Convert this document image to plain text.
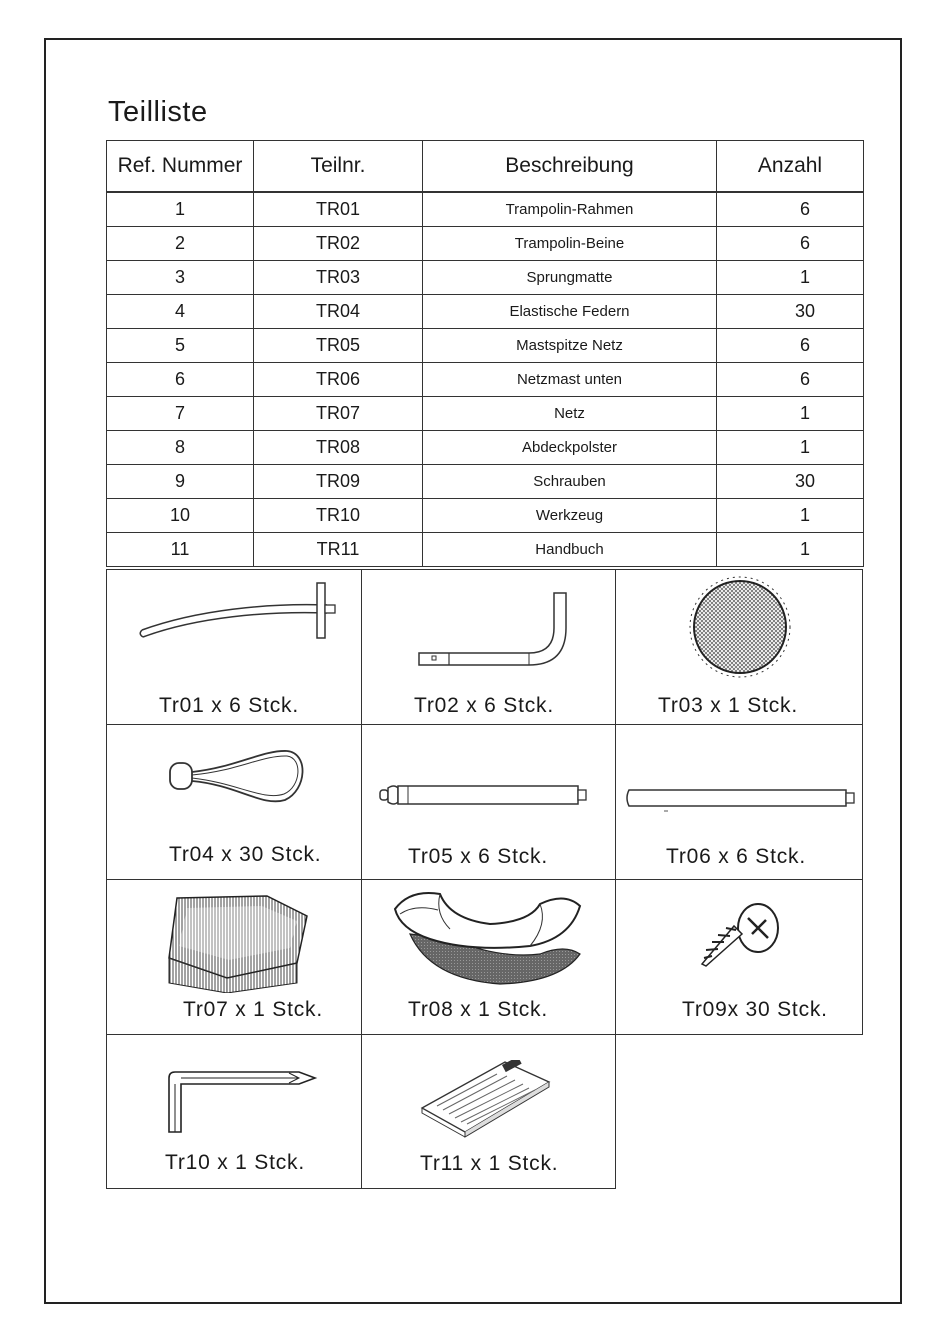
Teilliste
Ref. Nummer	Teilnr.	Beschreibung	Anzahl
1	TR01	Trampolin-Rahmen	6
2	TR02	Trampolin-Beine	6
3	TR03	Sprungmatte	1
4	TR04	Elastische Federn	30
5	TR05	Mastspitze Netz	6
6	TR06	Netzmast unten	6
7	TR07	Netz	1
8	TR08	Abdeckpolster	1
9	TR09	Schrauben	30
10	TR10	Werkzeug	1
11	TR11	Handbuch	1
Tr01 x 6 Stck.	Tr02 x 6 Stck.	Tr03 x 1 Stck.
Tr04 x 30 Stck.	Tr05 x 6 Stck.	Tr06 x 6 Stck.
Tr07 x 1 Stck.	Tr08 x 1 Stck.	Tr09x 30 Stck.
Tr10 x 1 Stck.	Tr11 x 1 Stck.
